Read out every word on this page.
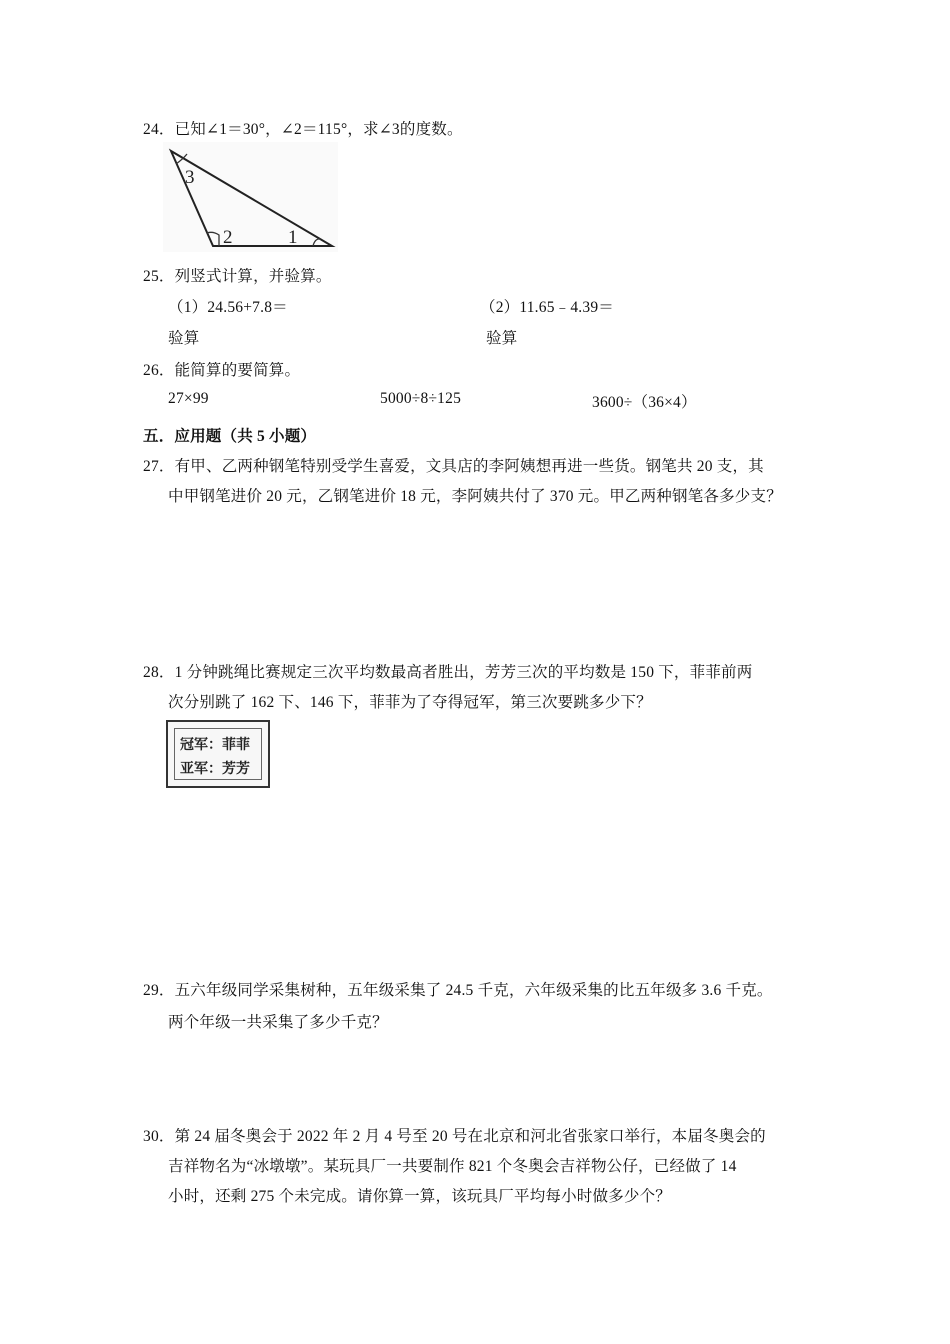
24．已知∠1＝30°，∠2＝115°，求∠3的度数。
3
2	1
25．列竖式计算，并验算。
（1）24.56+7.8＝	（2）11.65﹣4.39＝
验算	验算
26．能简算的要简算。
27×99	5000÷8÷125	3600÷（36×4）
五．应用题（共 5 小题）
27．有甲、乙两种钢笔特别受学生喜爱，文具店的李阿姨想再进一些货。钢笔共 20 支，其
中甲钢笔进价 20 元，乙钢笔进价 18 元，李阿姨共付了 370 元。甲乙两种钢笔各多少支？
28．1 分钟跳绳比赛规定三次平均数最高者胜出，芳芳三次的平均数是 150 下，菲菲前两
次分别跳了 162 下、146 下，菲菲为了夺得冠军，第三次要跳多少下？
冠军：菲菲
亚军：芳芳
29．五六年级同学采集树种，五年级采集了 24.5 千克，六年级采集的比五年级多 3.6 千克。
两个年级一共采集了多少千克？
30．第 24 届冬奥会于 2022 年 2 月 4 号至 20 号在北京和河北省张家口举行，本届冬奥会的
吉祥物名为“冰墩墩”。某玩具厂一共要制作 821 个冬奥会吉祥物公仔，已经做了 14
小时，还剩 275 个未完成。请你算一算，该玩具厂平均每小时做多少个？
